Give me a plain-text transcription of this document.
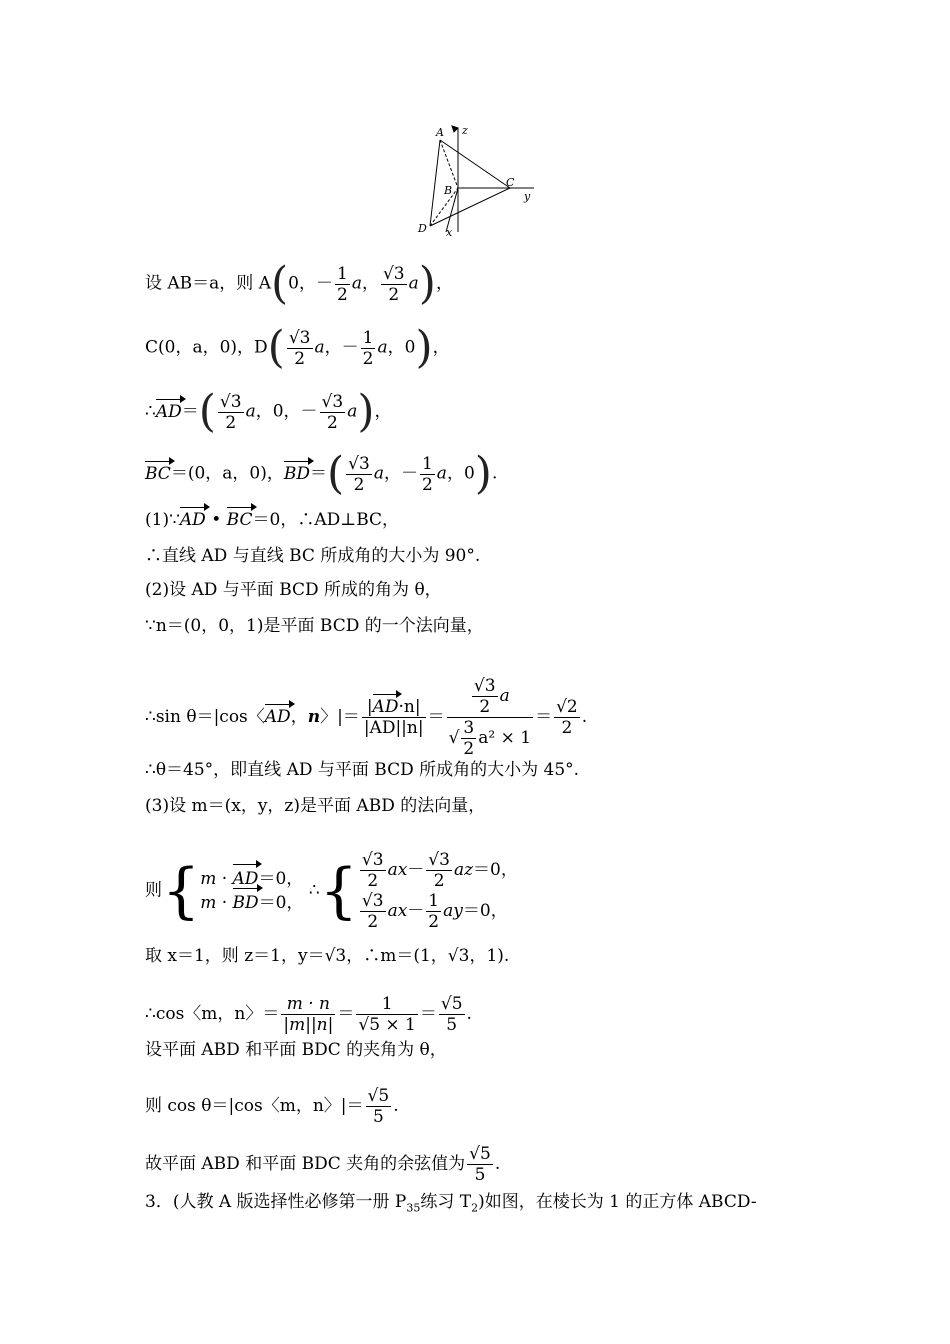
A z
B
C
y
D x
设 AB＝a，则 A(0，－ $\frac{1}{2}$ a， $\frac{√3}{2} a$)，
C(0，a，0)，$D( \frac{√3}{2}$ a，－ $\frac{1}{2}$ a，0)，
∴AD＝( $\frac{√3}{2}$ a，0，－ $\frac{√3}{2} a$)，
BC＝(0，a，0)，$BD=( \frac{√3}{2}$ a，－ $\frac{1}{2}$ a，0).
(1)∵AD • BC＝0，∴AD⊥BC，
∴直线 AD 与直线 BC 所成角的大小为 90°.
(2)设 AD 与平面 BCD 所成的角为 θ，
∵n＝(0，0，1)是平面 BCD 的一个法向量，
∴sin θ＝|cos〈AD，n〉|＝ $\frac{|AD\cdot n|}{|AD||n|} = \frac{\frac{√3}{2} a}{√ \frac{3}{2} a^2 \times 1} = \frac{√2}{2}$ .
∴θ＝45°，即直线 AD 与平面 BCD 所成角的大小为 45°.
(3)设 m＝(x，y，z)是平面 ABD 的法向量，
则{ m · AD＝0，
m · BD＝0，
∴{ $\frac{√3}{2} ax- \frac{√3}{2} az=0$，
$\frac{√3}{2} ax- \frac{1}{2} ay=0$，
取 x＝1，则 z＝1，y＝√3，∴m＝(1，√3，1).
∴cos〈m，n〉＝ $\frac{m \cdot n}{|m||n|} = \frac{1}{√5 \times 1} = \frac{√5}{5}$ .
设平面 ABD 和平面 BDC 的夹角为 θ，
则 cos θ＝|cos〈m，n〉|＝ $\frac{√5}{5}$ .
故平面 ABD 和平面 BDC 夹角的余弦值为 $\frac{√5}{5}$ .
3．(人教 A 版选择性必修第一册 $P_{35}$练习 $T_2$)如图，在棱长为 1 的正方体 ABCD-
